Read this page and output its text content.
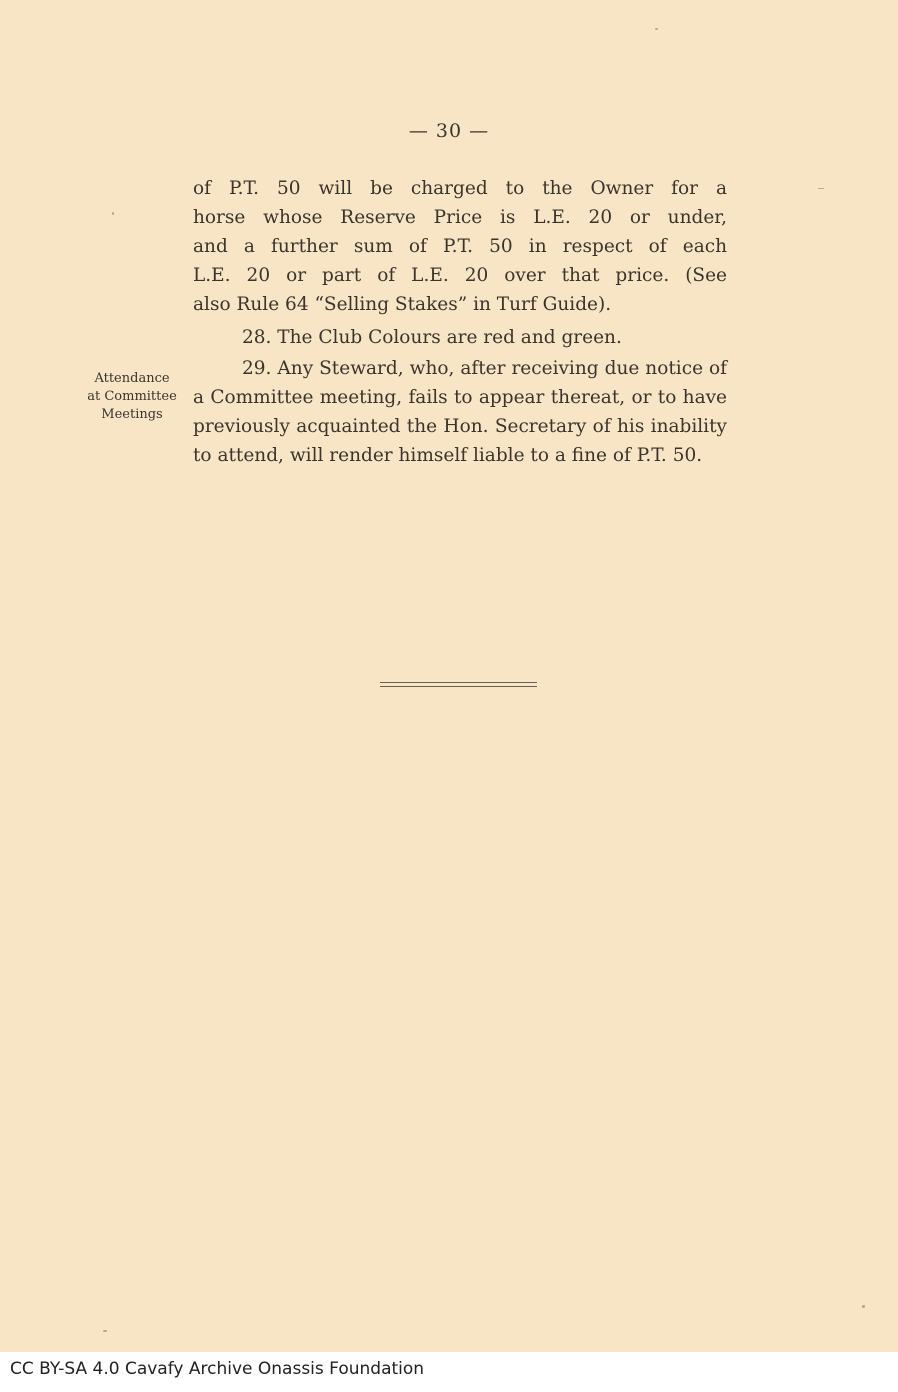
— 30 —

of P.T. 50 will be charged to the Owner for a
horse whose Reserve Price is L.E. 20 or under,
and a further sum of P.T. 50 in respect of each
L.E. 20 or part of L.E. 20 over that price. (See
also Rule 64 “Selling Stakes” in Turf Guide).

28. The Club Colours are red and green.

29. Any Steward, who, after receiving due notice of a Committee meeting, fails to appear thereat, or to have previously acquainted the Hon. Secretary of his inability to attend, will render himself liable to a fine of P.T. 50.

Attendance
at Committee
Meetings
CC BY-SA 4.0 Cavafy Archive Onassis Foundation
